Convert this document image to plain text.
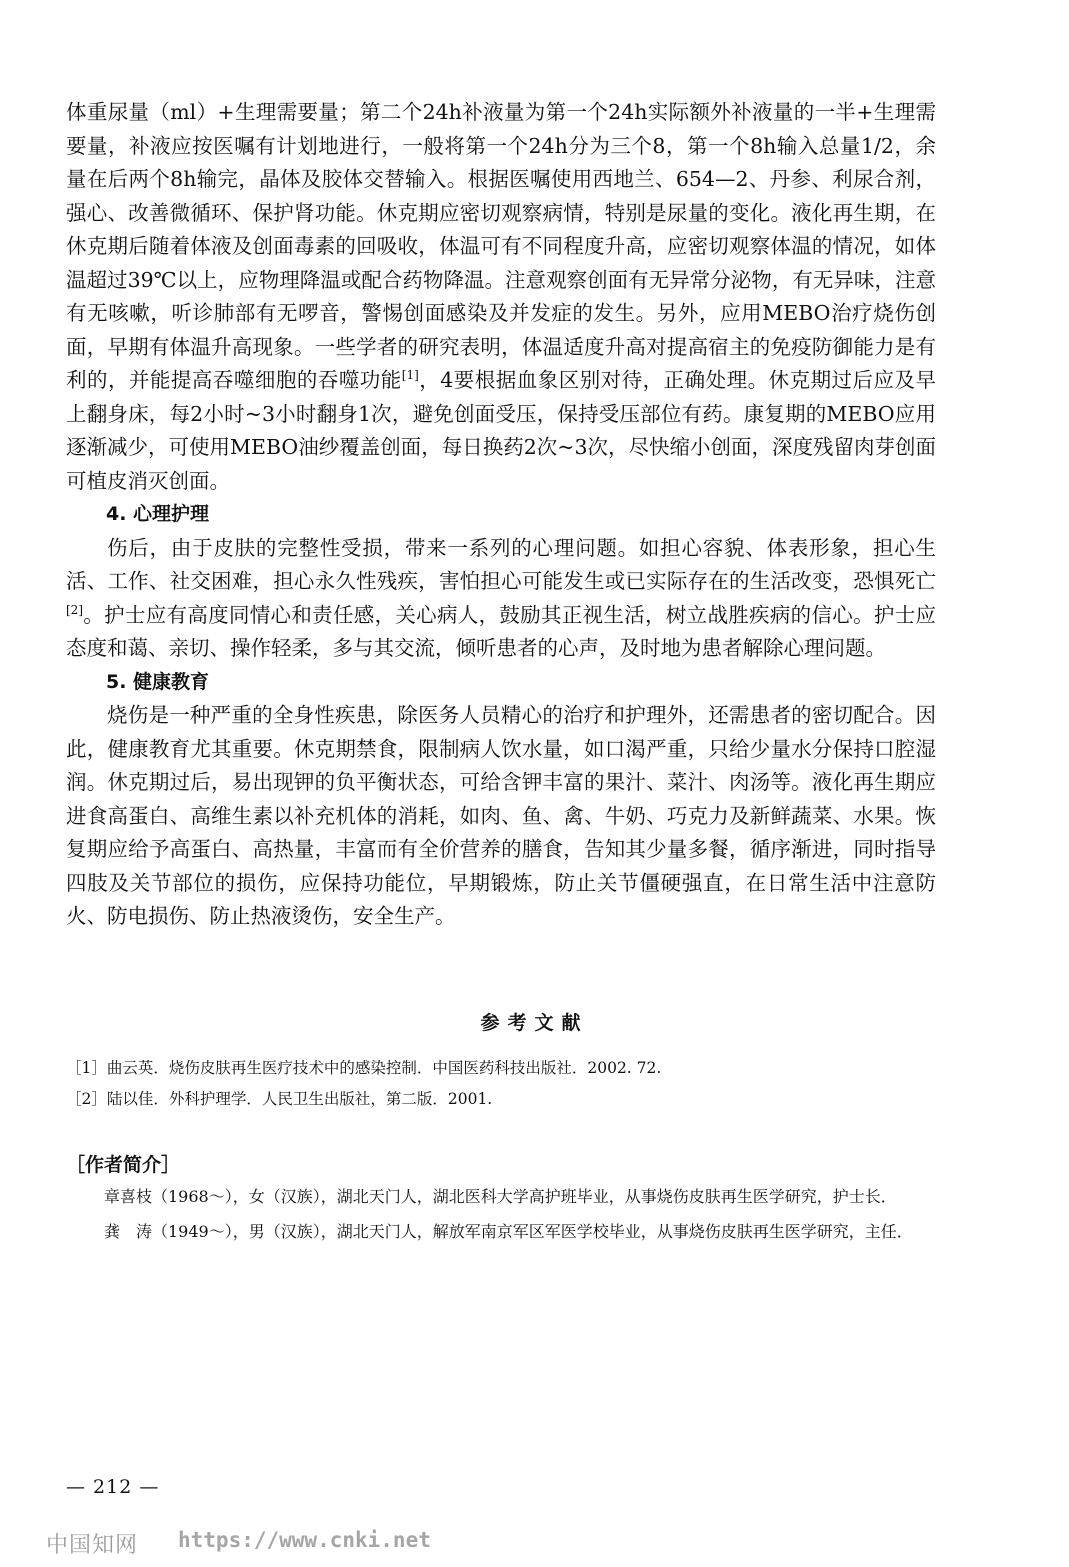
体重尿量（ml）+生理需要量；第二个24h补液量为第一个24h实际额外补液量的一半+生理需要量，补液应按医嘱有计划地进行，一般将第一个24h分为三个8，第一个8h输入总量1/2，余量在后两个8h输完，晶体及胶体交替输入。根据医嘱使用西地兰、654—2、丹参、利尿合剂，强心、改善微循环、保护肾功能。休克期应密切观察病情，特别是尿量的变化。液化再生期，在休克期后随着体液及创面毒素的回吸收，体温可有不同程度升高，应密切观察体温的情况，如体温超过39℃以上，应物理降温或配合药物降温。注意观察创面有无异常分泌物，有无异味，注意有无咳嗽，听诊肺部有无啰音，警惕创面感染及并发症的发生。另外，应用MEBO治疗烧伤创面，早期有体温升高现象。一些学者的研究表明，体温适度升高对提高宿主的免疫防御能力是有利的，并能提高吞噬细胞的吞噬功能[1]，4要根据血象区别对待，正确处理。休克期过后应及早上翻身床，每2小时~3小时翻身1次，避免创面受压，保持受压部位有药。康复期的MEBO应用逐渐减少，可使用MEBO油纱覆盖创面，每日换药2次~3次，尽快缩小创面，深度残留肉芽创面可植皮消灭创面。

4. 心理护理

伤后，由于皮肤的完整性受损，带来一系列的心理问题。如担心容貌、体表形象，担心生活、工作、社交困难，担心永久性残疾，害怕担心可能发生或已实际存在的生活改变，恐惧死亡[2]。护士应有高度同情心和责任感，关心病人，鼓励其正视生活，树立战胜疾病的信心。护士应态度和蔼、亲切、操作轻柔，多与其交流，倾听患者的心声，及时地为患者解除心理问题。

5. 健康教育

烧伤是一种严重的全身性疾患，除医务人员精心的治疗和护理外，还需患者的密切配合。因此，健康教育尤其重要。休克期禁食，限制病人饮水量，如口渴严重，只给少量水分保持口腔湿润。休克期过后，易出现钾的负平衡状态，可给含钾丰富的果汁、菜汁、肉汤等。液化再生期应进食高蛋白、高维生素以补充机体的消耗，如肉、鱼、禽、牛奶、巧克力及新鲜蔬菜、水果。恢复期应给予高蛋白、高热量，丰富而有全价营养的膳食，告知其少量多餐，循序渐进，同时指导四肢及关节部位的损伤，应保持功能位，早期锻炼，防止关节僵硬强直，在日常生活中注意防火、防电损伤、防止热液烫伤，安全生产。

参考文献
［1］曲云英．烧伤皮肤再生医疗技术中的感染控制．中国医药科技出版社．2002. 72.
［2］陆以佳．外科护理学．人民卫生出版社，第二版．2001.
［作者简介］

章喜枝（1968～），女（汉族），湖北天门人，湖北医科大学高护班毕业，从事烧伤皮肤再生医学研究，护士长．

龚　涛（1949～），男（汉族），湖北天门人，解放军南京军区军医学校毕业，从事烧伤皮肤再生医学研究，主任．

— 212 —
中国知网 https://www.cnki.net
